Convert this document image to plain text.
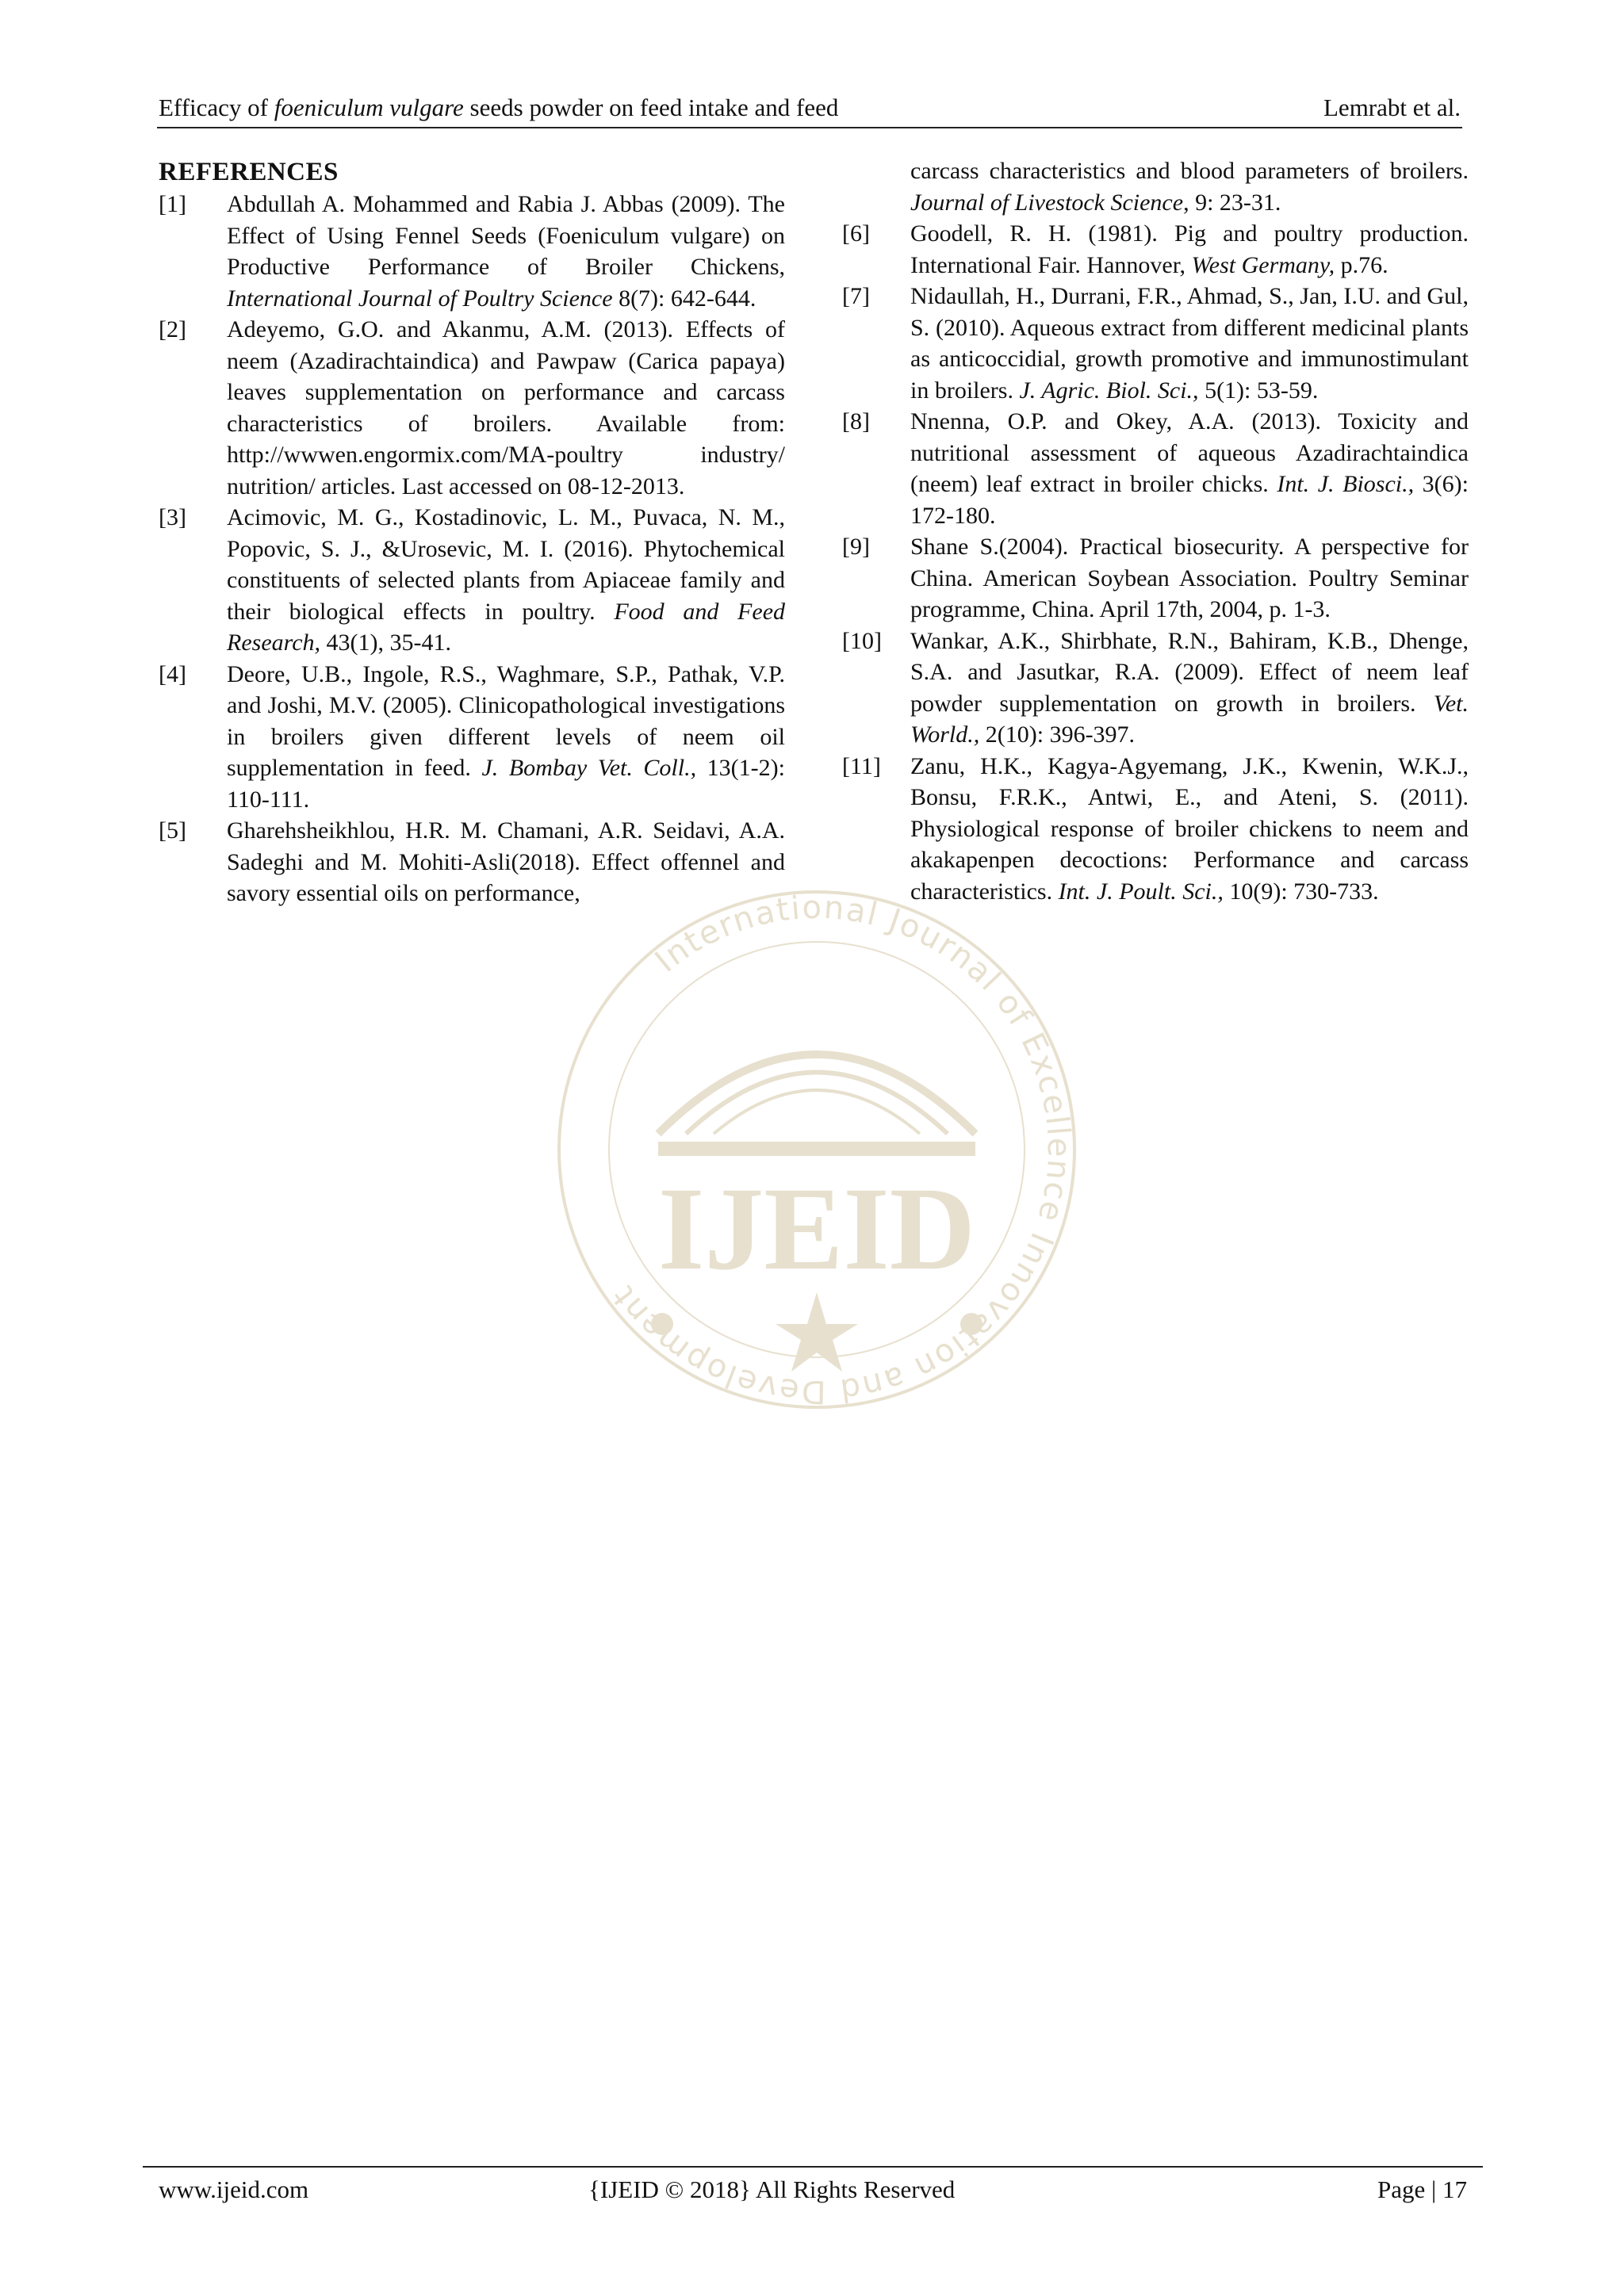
Efficacy of foeniculum vulgare seeds powder on feed intake and feed	Lemrabt et al.
International Journal of Excellence Innovation and Development IJEID
REFERENCES

[1] Abdullah A. Mohammed and Rabia J. Abbas (2009). The Effect of Using Fennel Seeds (Foeniculum vulgare) on Productive Performance of Broiler Chickens, International Journal of Poultry Science 8(7): 642-644.

[2] Adeyemo, G.O. and Akanmu, A.M. (2013). Effects of neem (Azadirachtaindica) and Pawpaw (Carica papaya) leaves supplementation on performance and carcass characteristics of broilers. Available from: http://wwwen.engormix.com/MA-poultry industry/ nutrition/ articles. Last accessed on 08-12-2013.

[3] Acimovic, M. G., Kostadinovic, L. M., Puvaca, N. M., Popovic, S. J., &Urosevic, M. I. (2016). Phytochemical constituents of selected plants from Apiaceae family and their biological effects in poultry. Food and Feed Research, 43(1), 35-41.

[4] Deore, U.B., Ingole, R.S., Waghmare, S.P., Pathak, V.P. and Joshi, M.V. (2005). Clinicopathological investigations in broilers given different levels of neem oil supplementation in feed. J. Bombay Vet. Coll., 13(1-2): 110-111.

[5] Gharehsheikhlou, H.R. M. Chamani, A.R. Seidavi, A.A. Sadeghi and M. Mohiti-Asli(2018). Effect offennel and savory essential oils on performance,

carcass characteristics and blood parameters of broilers. Journal of Livestock Science, 9: 23-31.

[6] Goodell, R. H. (1981). Pig and poultry production. International Fair. Hannover, West Germany, p.76.

[7] Nidaullah, H., Durrani, F.R., Ahmad, S., Jan, I.U. and Gul, S. (2010). Aqueous extract from different medicinal plants as anticoccidial, growth promotive and immunostimulant in broilers. J. Agric. Biol. Sci., 5(1): 53-59.

[8] Nnenna, O.P. and Okey, A.A. (2013). Toxicity and nutritional assessment of aqueous Azadirachtaindica (neem) leaf extract in broiler chicks. Int. J. Biosci., 3(6): 172-180.

[9] Shane S.(2004). Practical biosecurity. A perspective for China. American Soybean Association. Poultry Seminar programme, China. April 17th, 2004, p. 1-3.

[10] Wankar, A.K., Shirbhate, R.N., Bahiram, K.B., Dhenge, S.A. and Jasutkar, R.A. (2009). Effect of neem leaf powder supplementation on growth in broilers. Vet. World., 2(10): 396-397.

[11] Zanu, H.K., Kagya-Agyemang, J.K., Kwenin, W.K.J., Bonsu, F.R.K., Antwi, E., and Ateni, S. (2011). Physiological response of broiler chickens to neem and akakapenpen decoctions: Performance and carcass characteristics. Int. J. Poult. Sci., 10(9): 730-733.

www.ijeid.com	{IJEID © 2018} All Rights Reserved	Page | 17
